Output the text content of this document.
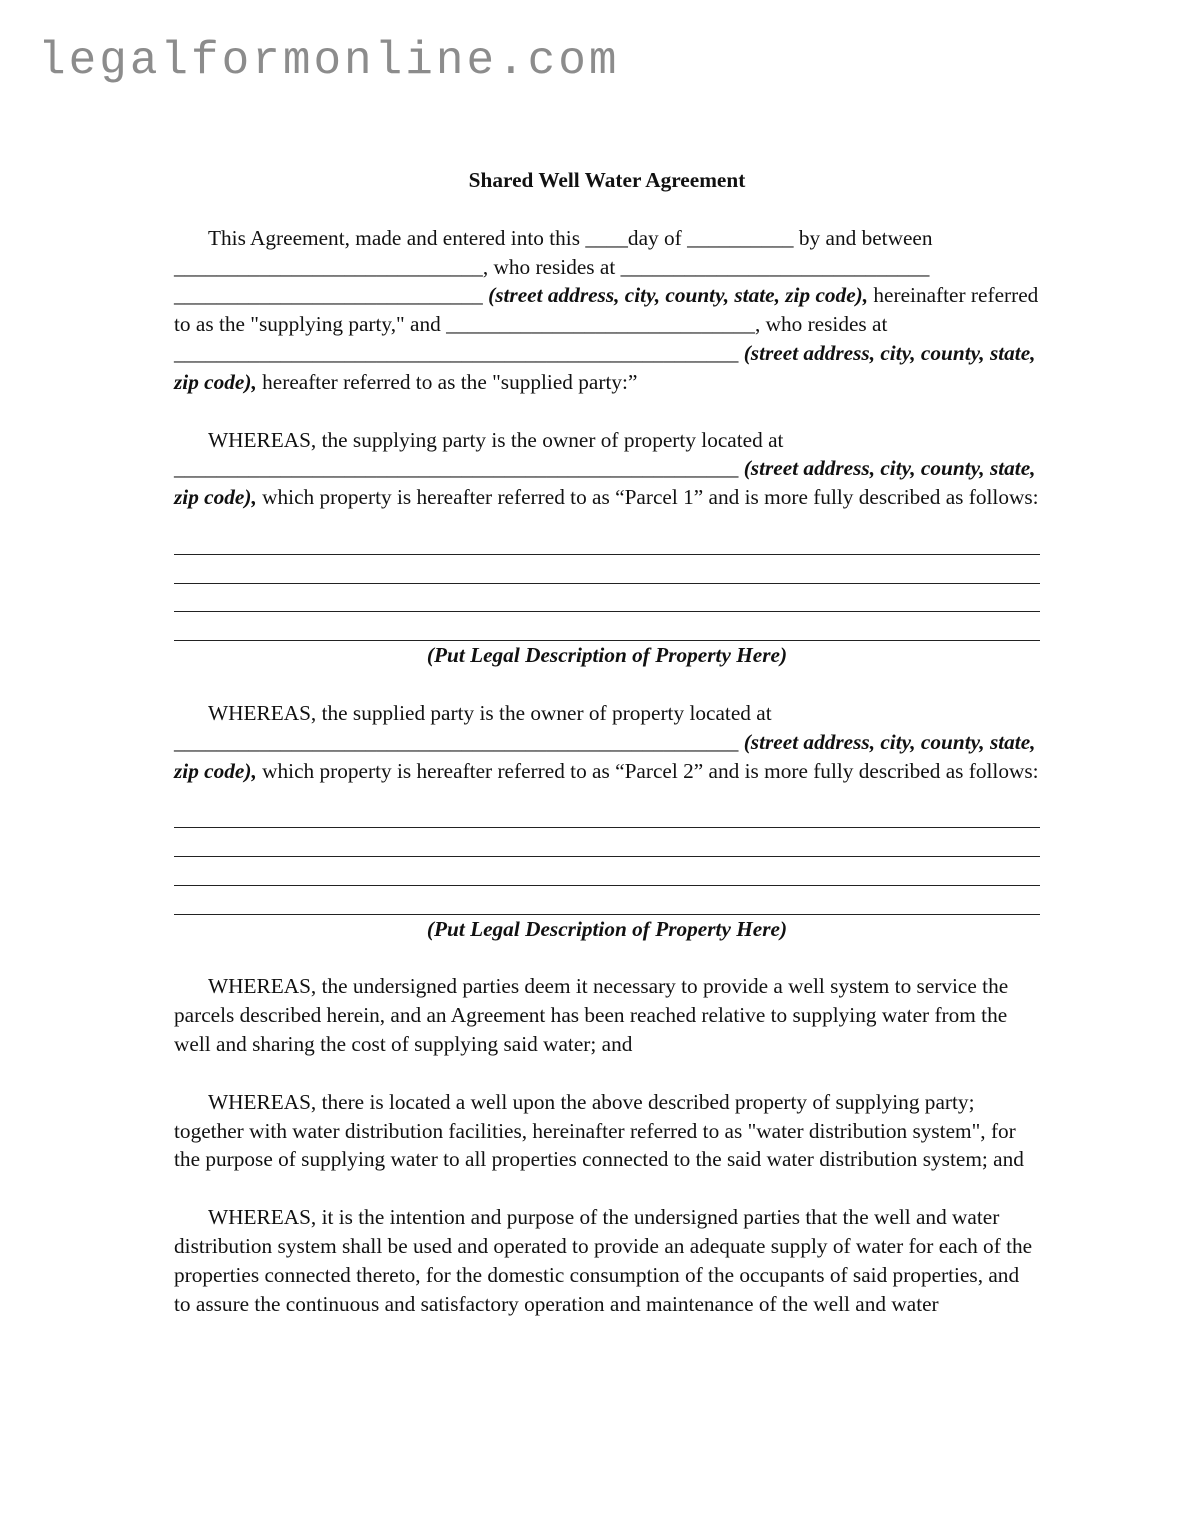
legalformonline.com
Shared Well Water Agreement

This Agreement, made and entered into this ____day of __________ by and between _____________________________, who resides at _____________________________ _____________________________ (street address, city, county, state, zip code), hereinafter referred to as the "supplying party," and _____________________________, who resides at _____________________________________________________ (street address, city, county, state, zip code), hereafter referred to as the "supplied party:”

WHEREAS, the supplying party is the owner of property located at _____________________________________________________ (street address, city, county, state, zip code), which property is hereafter referred to as “Parcel 1” and is more fully described as follows:

(Put Legal Description of Property Here)

WHEREAS, the supplied party is the owner of property located at _____________________________________________________ (street address, city, county, state, zip code), which property is hereafter referred to as “Parcel 2” and is more fully described as follows:

(Put Legal Description of Property Here)

WHEREAS, the undersigned parties deem it necessary to provide a well system to service the parcels described herein, and an Agreement has been reached relative to supplying water from the well and sharing the cost of supplying said water; and

WHEREAS, there is located a well upon the above described property of supplying party; together with water distribution facilities, hereinafter referred to as "water distribution system", for the purpose of supplying water to all properties connected to the said water distribution system; and

WHEREAS, it is the intention and purpose of the undersigned parties that the well and water distribution system shall be used and operated to provide an adequate supply of water for each of the properties connected thereto, for the domestic consumption of the occupants of said properties, and to assure the continuous and satisfactory operation and maintenance of the well and water
